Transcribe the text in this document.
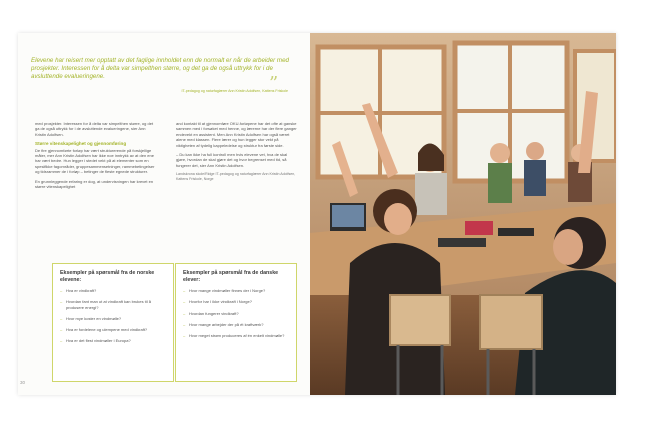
Elevene har reisert mer opptatt av det faglige innholdet enn de normalt er når de arbeider med prosjekter. Interessen for å delta var simpelthen større, og det ga de også uttrykk for i de avsluttende evalueringene.	”
IT-pedagog og naturfaglærer Ann Kristin Adolfsen, Kattens Friskole

med prosjekter. Interessen for å delta var simpelthen større, og det ga de også uttrykk for i de avsluttende evalueringene, sier Ann Kristin Adolfsen.

Større vitenskapelighet og gjennomføring

De fire gjennomførte forløp har vært strukturerende på forskjellige måter, mer Ann Kristin Adolfsen har ikke noe inntrykk av at den ene har vært bedre. Hun legger i stedet vekt på at elementer som en spesifikke fagområder, gruppesammensetninger, rammebetingelser og tidsrammer de i forløp – betinger de fleste egnede strukturer.

En grunnleggende erfaring er dog, at undervisningen har krevet en større vitenskapelighet

and kontakt til at gjennomføre OKU-forløpene har det ofte at ganske sammen med i forsøket med henne, og lærerne har der flere ganger endevekt en assistent. Men Ann Kristin Adolfsen har også været alene med klassen. Flere lærer og hun legger stor vekt på viktigheten af tydelig kappeledelse og struktur fra første side.

– Du kan ikke ha full kontroll men hvis elevene vet, hva de skal gjøre, hvordan de skal gjøre det og hvor begrenset med tid, så fungerer det, sier Ann Kristin Adolfsen.

Landskrona skole/Ridge IT-pedagog og naturfaglærer Ann Kristin Adolfsen, Kattens Friskole, Norge
Eksempler på spørsmål fra de norske elevene:
– Hva er vindkraft?
– Hvordan fant man ut at vindkraft kan brukes til å produsere energi?
– Hvor mye koster en vindmølle?
– Hva er fordelene og ulempene med vindkraft?
– Hva er det flest vindmøller i Europa?
Eksempler på spørsmål fra de danske elever:
– Hvor mange vindmøller finnes der i Norge?
– Hvorfor har I ikke vindkraft i Norge?
– Hvordan fungerer vindkraft?
– Hvor mange arbejder der på ét kraftværk?
– Hvor meget strøm produceres af én enkelt vindmølle?
30
